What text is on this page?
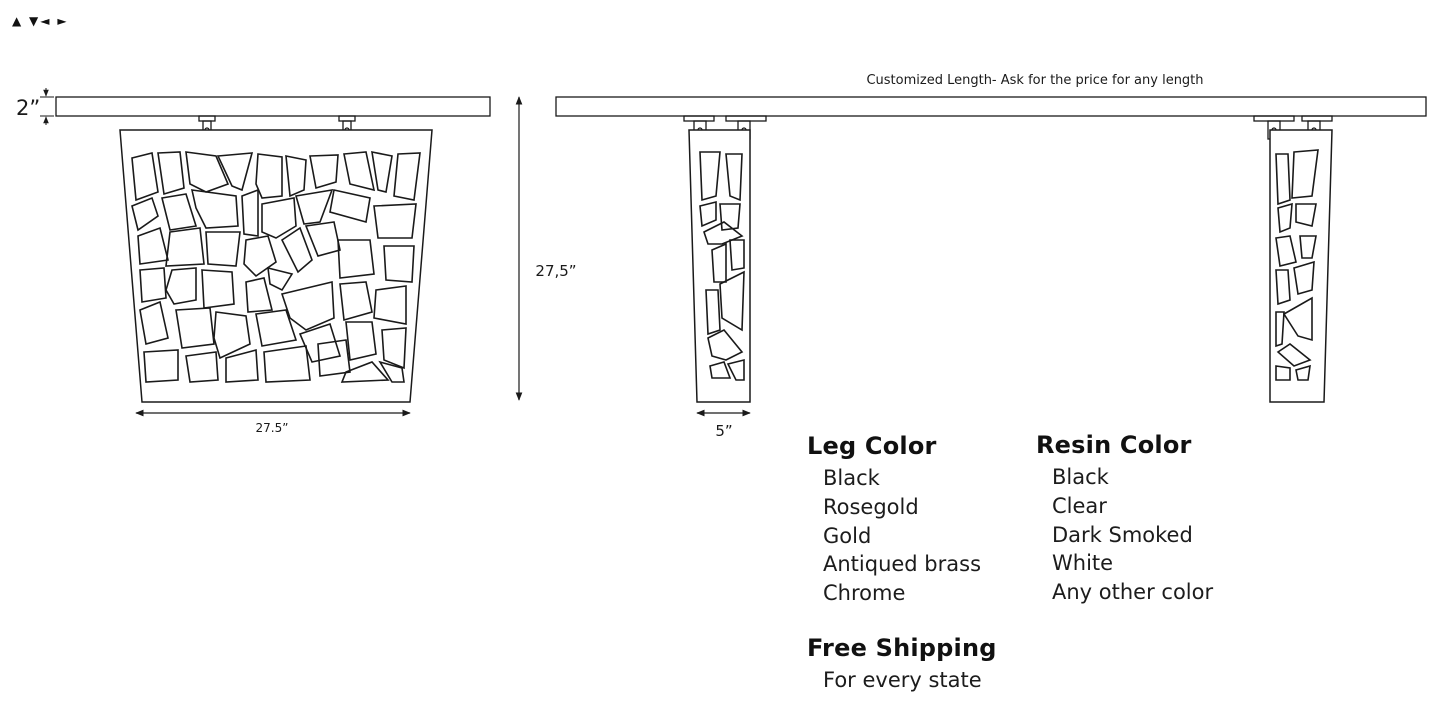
▲ ▼◄ ►
2”
27.5”
27,5”
Customized Length- Ask for the price for any length
5”
Leg Color
Black
Rosegold
Gold
Antiqued brass
Chrome
Resin Color
Black
Clear
Dark Smoked
White
Any other color
Free Shipping
For every state
